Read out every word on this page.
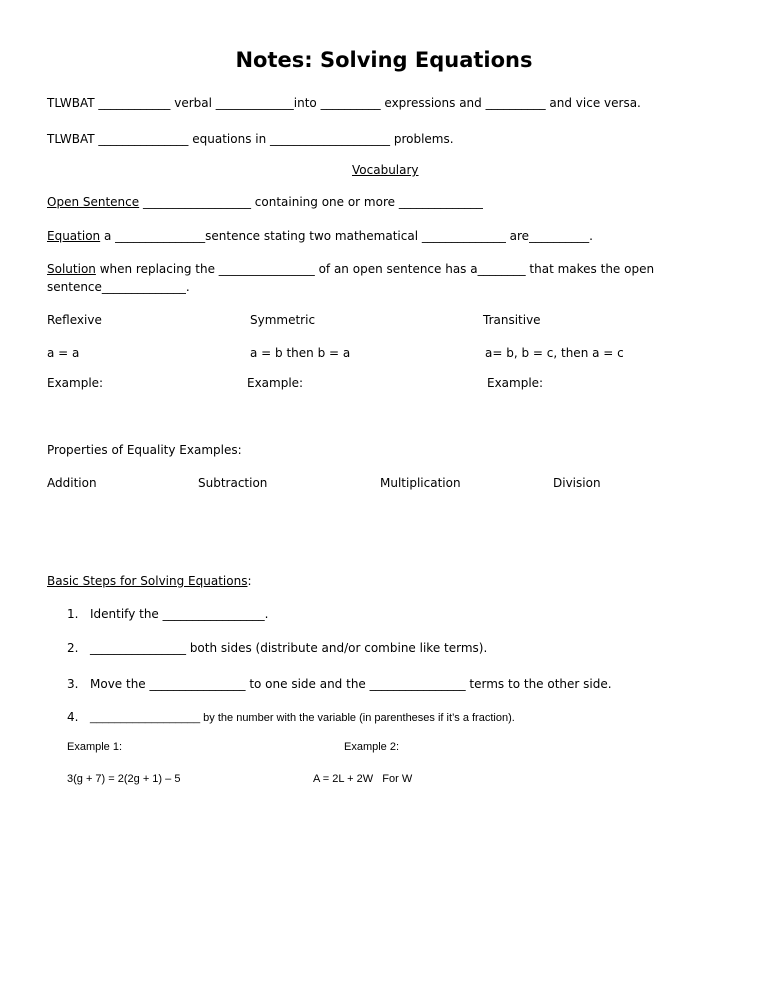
Notes: Solving Equations
TLWBAT ____________ verbal _____________into __________ expressions and __________ and vice versa.
TLWBAT _______________ equations in ____________________ problems.
Vocabulary
Open Sentence __________________ containing one or more ______________
Equation a _______________sentence stating two mathematical ______________ are__________.
Solution when replacing the ________________ of an open sentence has a________ that makes the open
sentence______________.
Reflexive	Symmetric	Transitive
a = a	a = b then b = a	a= b, b = c, then a = c
Example:	Example:	Example:
Properties of Equality Examples:
Addition	Subtraction	Multiplication	Division
Basic Steps for Solving Equations:
1. Identify the _________________.
2. ________________ both sides (distribute and/or combine like terms).
3. Move the ________________ to one side and the ________________ terms to the other side.
4. __________________ by the number with the variable (in parentheses if it’s a fraction).
Example 1:	Example 2:
3(g + 7) = 2(2g + 1) – 5	A = 2L + 2W   For W
